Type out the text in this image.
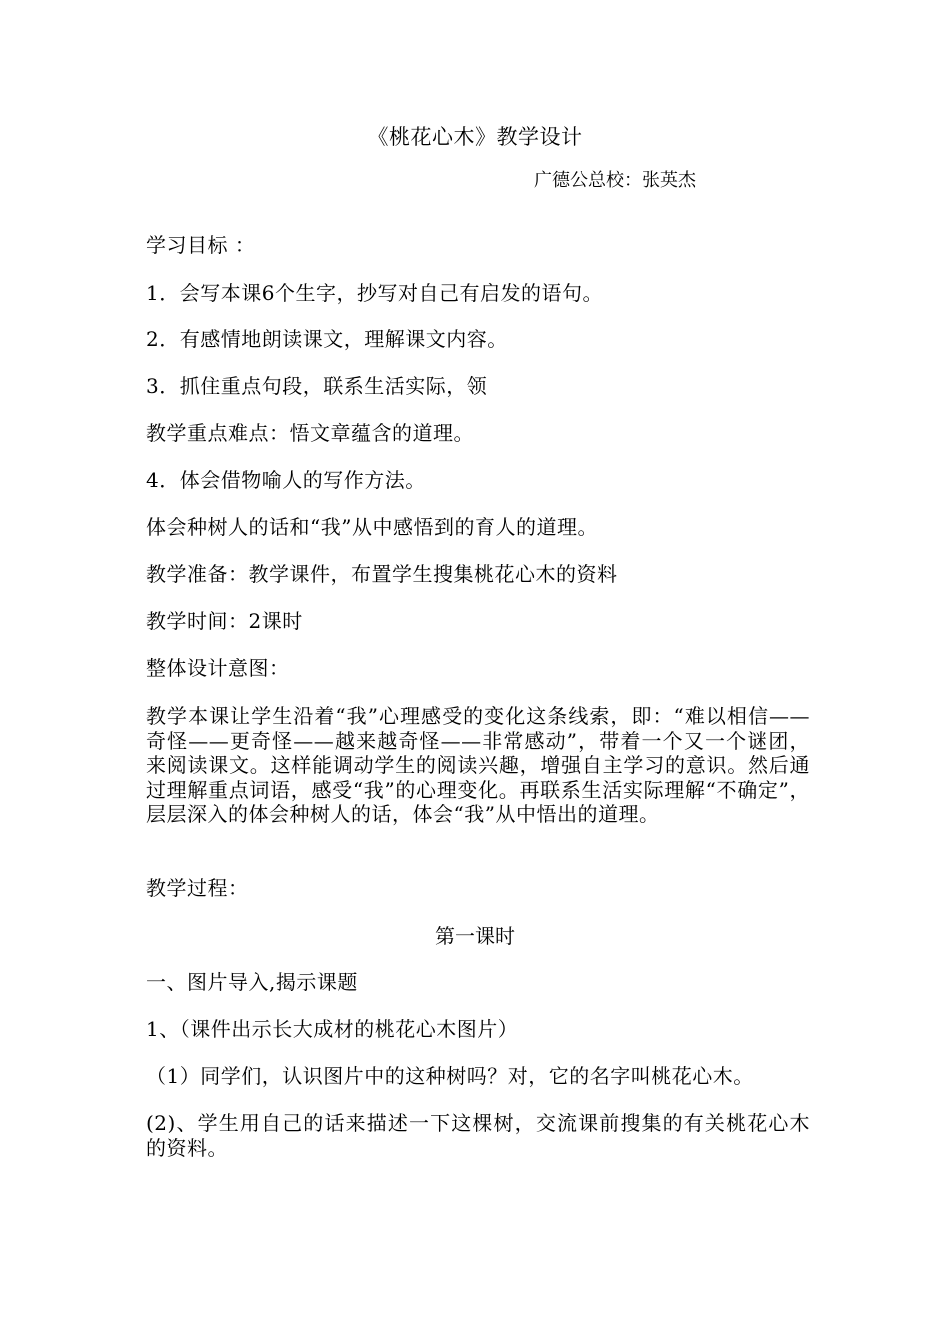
《桃花心木》教学设计
广德公总校：张英杰
学习目标 ：
1．会写本课6个生字，抄写对自己有启发的语句。
2．有感情地朗读课文，理解课文内容。
3．抓住重点句段，联系生活实际，领
教学重点难点：悟文章蕴含的道理。
4．体会借物喻人的写作方法。
体会种树人的话和“我”从中感悟到的育人的道理。
教学准备：教学课件，布置学生搜集桃花心木的资料
教学时间：2课时
整体设计意图：
教学本课让学生沿着“我”心理感受的变化这条线索，即：“难以相信——奇怪——更奇怪——越来越奇怪——非常感动”，带着一个又一个谜团，来阅读课文。这样能调动学生的阅读兴趣，增强自主学习的意识。然后通过理解重点词语，感受“我”的心理变化。再联系生活实际理解“不确定”，层层深入的体会种树人的话，体会“我”从中悟出的道理。
教学过程：
第一课时
一、图片导入,揭示课题
1、（课件出示长大成材的桃花心木图片）
（1）同学们，认识图片中的这种树吗？对，它的名字叫桃花心木。
(2)、学生用自己的话来描述一下这棵树，交流课前搜集的有关桃花心木的资料。
